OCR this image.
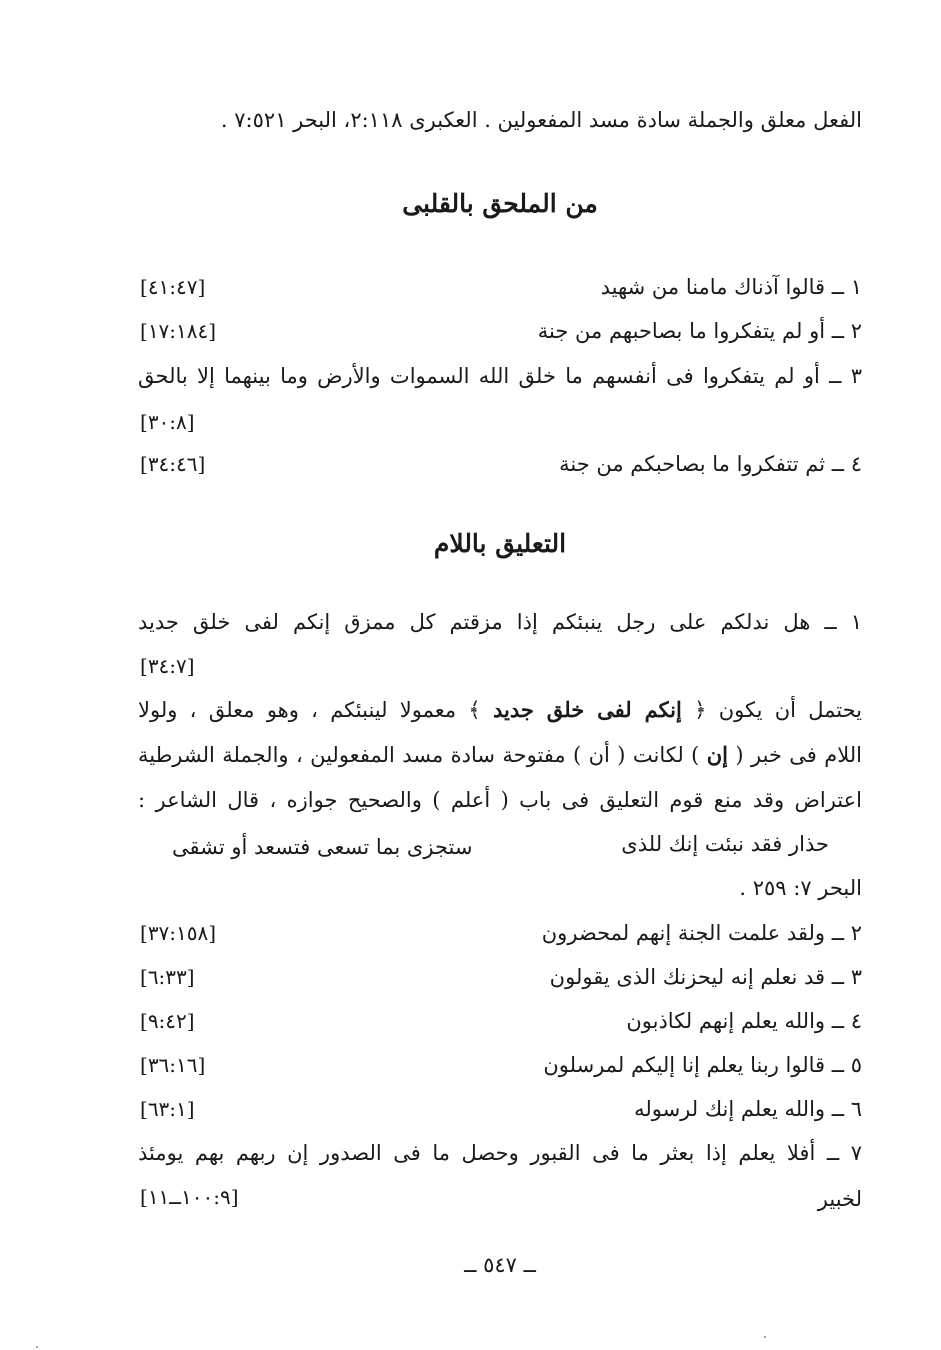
الفعل معلق والجملة سادة مسد المفعولين . العكبرى ٢:١١٨، البحر ٧:٥٢١ .
من الملحق بالقلبى
١ ــ قالوا آذناك مامنا من شهيد
[٤١:٤٧]
٢ ــ أو لم يتفكروا ما بصاحبهم من جنة
[١٧:١٨٤]
٣ ــ أو لم يتفكروا فى أنفسهم ما خلق الله السموات والأرض وما بينهما إلا بالحق
[٣٠:٨]
٤ ــ ثم تتفكروا ما بصاحبكم من جنة
[٣٤:٤٦]
التعليق باللام
١ ــ هل ندلكم على رجل ينبئكم إذا مزقتم كل ممزق إنكم لفى خلق جديد
[٣٤:٧]
يحتمل أن يكون ﴿ إنكم لفى خلق جديد ﴾ معمولا لينبئكم ، وهو معلق ، ولولا
اللام فى خبر ( إن ) لكانت ( أن ) مفتوحة سادة مسد المفعولين ، والجملة الشرطية
اعتراض وقد منع قوم التعليق فى باب ( أعلم ) والصحيح جوازه ، قال الشاعر :
حذار فقد نبئت إنك للذى
ستجزى بما تسعى فتسعد أو تشقى
البحر ٧: ٢٥٩ .
٢ ــ ولقد علمت الجنة إنهم لمحضرون
[٣٧:١٥٨]
٣ ــ قد نعلم إنه ليحزنك الذى يقولون
[٦:٣٣]
٤ ــ والله يعلم إنهم لكاذبون
[٩:٤٢]
٥ ــ قالوا ربنا يعلم إنا إليكم لمرسلون
[٣٦:١٦]
٦ ــ والله يعلم إنك لرسوله
[٦٣:١]
٧ ــ أفلا يعلم إذا بعثر ما فى القبور وحصل ما فى الصدور إن ربهم بهم يومئذ
لخبير
[١٠٠:٩ــ١١]
ــ ٥٤٧ ــ
